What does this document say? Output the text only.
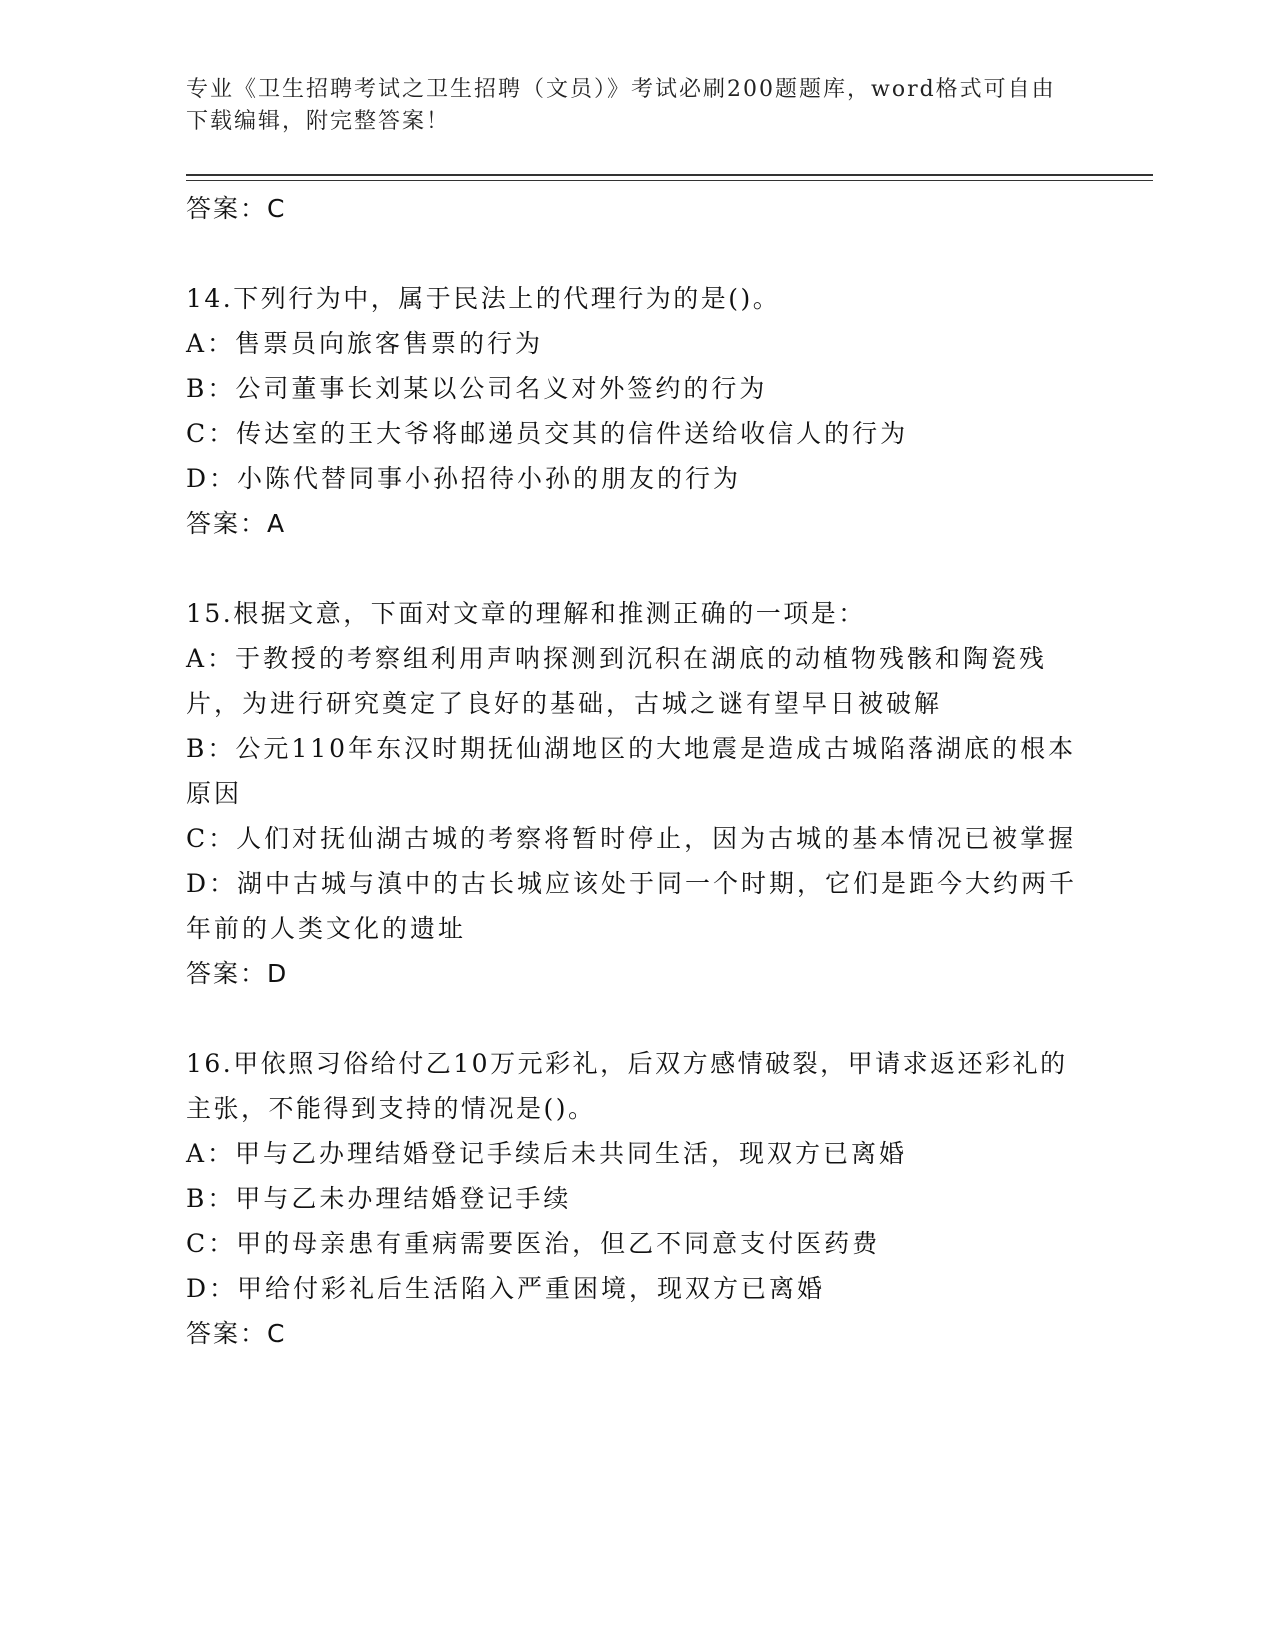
专业《卫生招聘考试之卫生招聘（文员）》考试必刷200题题库，word格式可自由下载编辑，附完整答案！
答案：C
14.下列行为中，属于民法上的代理行为的是()。
A：售票员向旅客售票的行为
B：公司董事长刘某以公司名义对外签约的行为
C：传达室的王大爷将邮递员交其的信件送给收信人的行为
D：小陈代替同事小孙招待小孙的朋友的行为
答案：A
15.根据文意，下面对文章的理解和推测正确的一项是：
A：于教授的考察组利用声呐探测到沉积在湖底的动植物残骸和陶瓷残片，为进行研究奠定了良好的基础，古城之谜有望早日被破解
B：公元110年东汉时期抚仙湖地区的大地震是造成古城陷落湖底的根本原因
C：人们对抚仙湖古城的考察将暂时停止，因为古城的基本情况已被掌握
D：湖中古城与滇中的古长城应该处于同一个时期，它们是距今大约两千年前的人类文化的遗址
答案：D
16.甲依照习俗给付乙10万元彩礼，后双方感情破裂，甲请求返还彩礼的主张，不能得到支持的情况是()。
A：甲与乙办理结婚登记手续后未共同生活，现双方已离婚
B：甲与乙未办理结婚登记手续
C：甲的母亲患有重病需要医治，但乙不同意支付医药费
D：甲给付彩礼后生活陷入严重困境，现双方已离婚
答案：C
